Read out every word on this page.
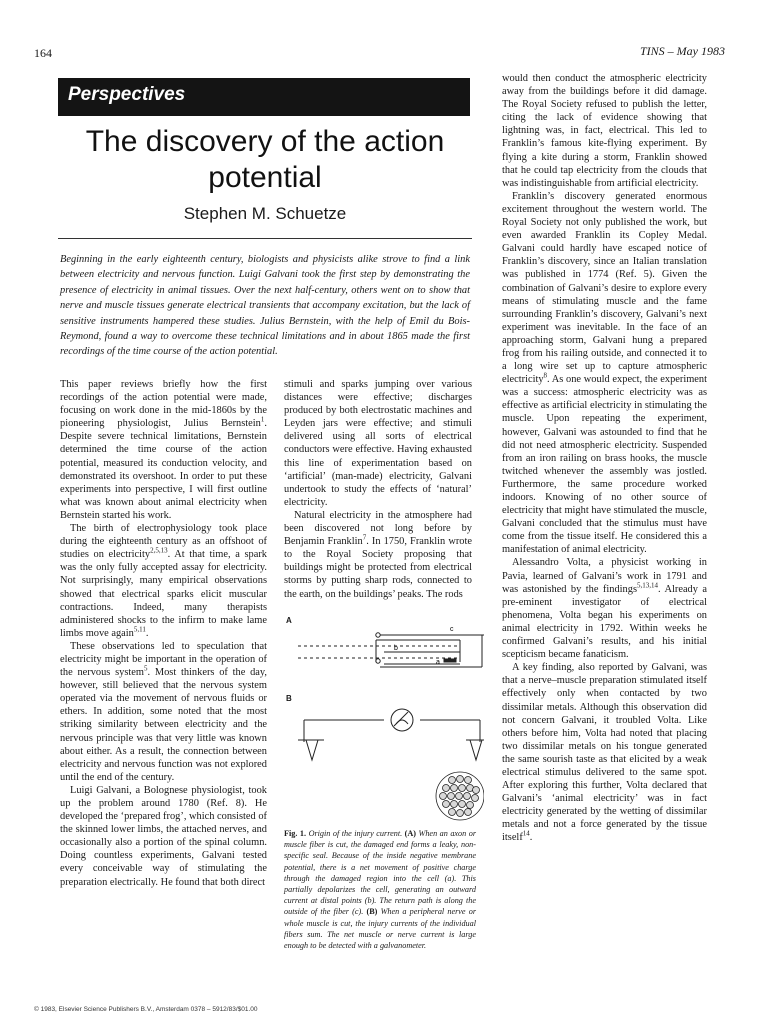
164	TINS – May 1983
Perspectives
The discovery of the action potential
Stephen M. Schuetze
Beginning in the early eighteenth century, biologists and physicists alike strove to find a link between electricity and nervous function. Luigi Galvani took the first step by demonstrating the presence of electricity in animal tissues. Over the next half-century, others went on to show that nerve and muscle tissues generate electrical transients that accompany excitation, but the lack of sensitive instruments hampered these studies. Julius Bernstein, with the help of Emil du Bois-Reymond, found a way to overcome these technical limitations and in about 1865 made the first recordings of the time course of the action potential.

This paper reviews briefly how the first recordings of the action potential were made, focusing on work done in the mid-1860s by the pioneering physiologist, Julius Bernstein$^1$. Despite severe technical limitations, Bernstein determined the time course of the action potential, measured its conduction velocity, and demonstrated its overshoot. In order to put these experiments into perspective, I will first outline what was known about animal electricity when Bernstein started his work.

The birth of electrophysiology took place during the eighteenth century as an offshoot of studies on electricity$^{2,5,13}$. At that time, a spark was the only fully accepted assay for electricity. Not surprisingly, many empirical observations showed that electrical sparks elicit muscular contractions. Indeed, many therapists administered shocks to the infirm to make lame limbs move again$^{5,11}$.

These observations led to speculation that electricity might be important in the operation of the nervous system$^5$. Most thinkers of the day, however, still believed that the nervous system operated via the movement of nervous fluids or ethers. In addition, some noted that the most striking similarity between electricity and the nervous principle was that very little was known about either. As a result, the connection between electricity and nervous function was not explored until the end of the century.

Luigi Galvani, a Bolognese physiologist, took up the problem around 1780 (Ref. 8). He developed the ‘prepared frog’, which consisted of the skinned lower limbs, the attached nerves, and occasionally also a portion of the spinal column. Doing countless experiments, Galvani tested every conceivable way of stimulating the preparation electrically. He found that both direct

stimuli and sparks jumping over various distances were effective; discharges produced by both electrostatic machines and Leyden jars were effective; and stimuli delivered using all sorts of electrical conductors were effective. Having exhausted this line of experimentation based on ‘artificial’ (man-made) electricity, Galvani undertook to study the effects of ‘natural’ electricity.

Natural electricity in the atmosphere had been discovered not long before by Benjamin Franklin$^7$. In 1750, Franklin wrote to the Royal Society proposing that buildings might be protected from electrical storms by putting sharp rods, connected to the earth, on the buildings’ peaks. The rods

A
B
c
b
a
Fig. 1. Origin of the injury current. (A) When an axon or muscle fiber is cut, the damaged end forms a leaky, non-specific seal. Because of the inside negative membrane potential, there is a net movement of positive charge through the damaged region into the cell (a). This partially depolarizes the cell, generating an outward current at distal points (b). The return path is along the outside of the fiber (c). (B) When a peripheral nerve or whole muscle is cut, the injury currents of the individual fibers sum. The net muscle or nerve current is large enough to be detected with a galvanometer.

would then conduct the atmospheric electricity away from the buildings before it did damage. The Royal Society refused to publish the letter, citing the lack of evidence showing that lightning was, in fact, electrical. This led to Franklin’s famous kite-flying experiment. By flying a kite during a storm, Franklin showed that he could tap electricity from the clouds that was indistinguishable from artificial electricity.

Franklin’s discovery generated enormous excitement throughout the western world. The Royal Society not only published the work, but even awarded Franklin its Copley Medal. Galvani could hardly have escaped notice of Franklin’s discovery, since an Italian translation was published in 1774 (Ref. 5). Given the combination of Galvani’s desire to explore every means of stimulating muscle and the fame surrounding Franklin’s discovery, Galvani’s next experiment was inevitable. In the face of an approaching storm, Galvani hung a prepared frog from his railing outside, and connected it to a long wire set up to capture atmospheric electricity$^8$. As one would expect, the experiment was a success: atmospheric electricity was as effective as artificial electricity in stimulating the muscle. Upon repeating the experiment, however, Galvani was astounded to find that he did not need atmospheric electricity. Suspended from an iron railing on brass hooks, the muscle twitched whenever the assembly was jostled. Furthermore, the same procedure worked indoors. Knowing of no other source of electricity that might have stimulated the muscle, Galvani concluded that the stimulus must have come from the tissue itself. He considered this a manifestation of animal electricity.

Alessandro Volta, a physicist working in Pavia, learned of Galvani’s work in 1791 and was astonished by the findings$^{5,13,14}$. Already a pre-eminent investigator of electrical phenomena, Volta began his experiments on animal electricity in 1792. Within weeks he confirmed Galvani’s results, and his initial scepticism became fanaticism.

A key finding, also reported by Galvani, was that a nerve–muscle preparation stimulated itself effectively only when contacted by two dissimilar metals. Although this observation did not concern Galvani, it troubled Volta. Like others before him, Volta had noted that placing two dissimilar metals on his tongue generated the same sourish taste as that elicited by a weak electrical stimulus delivered to the same spot. After exploring this further, Volta declared that Galvani’s ‘animal electricity’ was in fact electricity generated by the wetting of dissimilar metals and not a force generated by the tissue itself$^{14}$.

© 1983, Elsevier Science Publishers B.V., Amsterdam 0378 – 5912/83/$01.00
